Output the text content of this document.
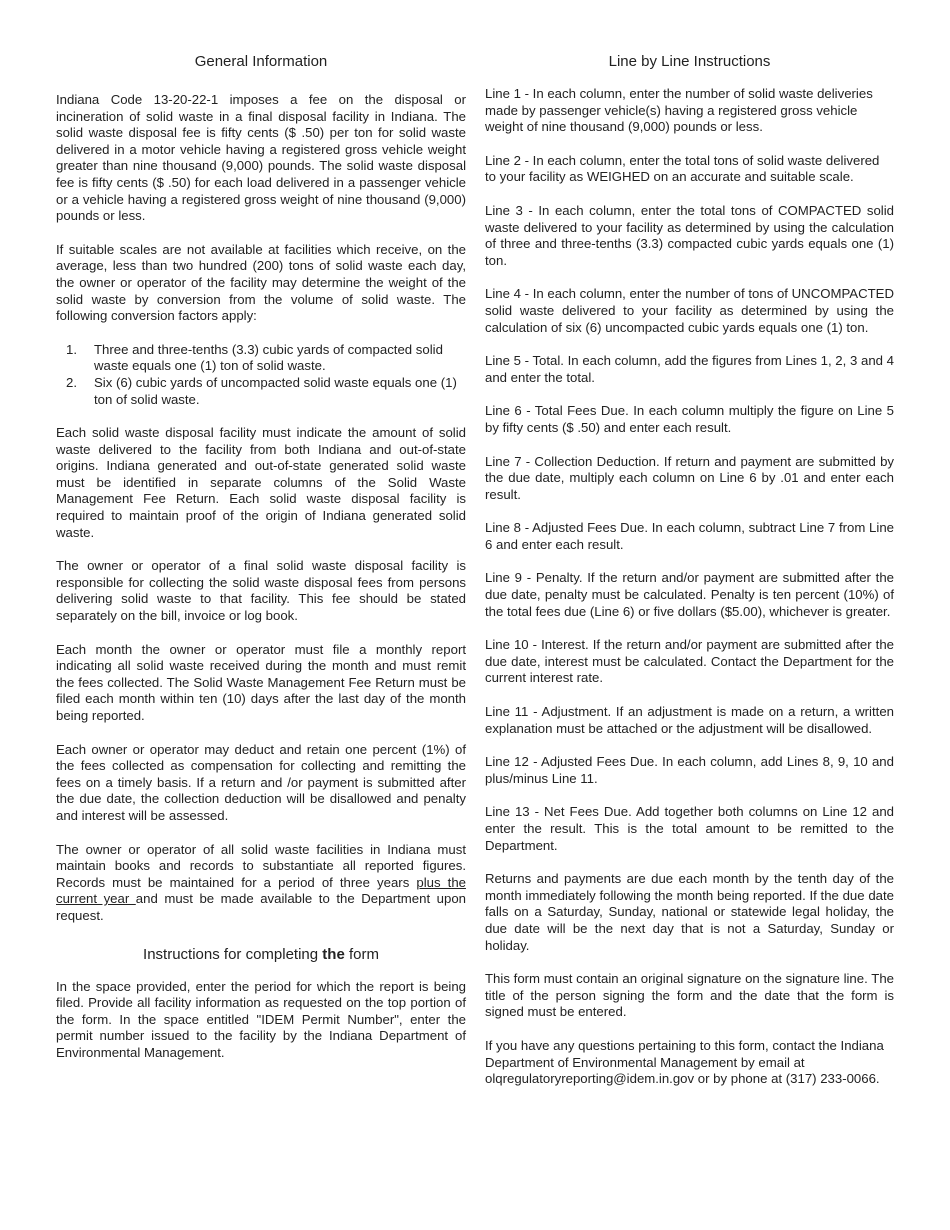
General Information

Indiana Code 13-20-22-1 imposes a fee on the disposal or incineration of solid waste in a final disposal facility in Indiana. The solid waste disposal fee is fifty cents ($ .50) per ton for solid waste delivered in a motor vehicle having a registered gross vehicle weight greater than nine thousand (9,000) pounds. The solid waste disposal fee is fifty cents ($ .50) for each load delivered in a passenger vehicle or a vehicle having a registered gross weight of nine thousand (9,000) pounds or less.

If suitable scales are not available at facilities which receive, on the average, less than two hundred (200) tons of solid waste each day, the owner or operator of the facility may determine the weight of the solid waste by conversion from the volume of solid waste. The following conversion factors apply:

1. Three and three-tenths (3.3) cubic yards of compacted solid waste equals one (1) ton of solid waste.
2. Six (6) cubic yards of uncompacted solid waste equals one (1) ton of solid waste.

Each solid waste disposal facility must indicate the amount of solid waste delivered to the facility from both Indiana and out-of-state origins. Indiana generated and out-of-state generated solid waste must be identified in separate columns of the Solid Waste Management Fee Return. Each solid waste disposal facility is required to maintain proof of the origin of Indiana generated solid waste.

The owner or operator of a final solid waste disposal facility is responsible for collecting the solid waste disposal fees from persons delivering solid waste to that facility. This fee should be stated separately on the bill, invoice or log book.

Each month the owner or operator must file a monthly report indicating all solid waste received during the month and must remit the fees collected. The Solid Waste Management Fee Return must be filed each month within ten (10) days after the last day of the month being reported.

Each owner or operator may deduct and retain one percent (1%) of the fees collected as compensation for collecting and remitting the fees on a timely basis. If a return and /or payment is submitted after the due date, the collection deduction will be disallowed and penalty and interest will be assessed.

The owner or operator of all solid waste facilities in Indiana must maintain books and records to substantiate all reported figures. Records must be maintained for a period of three years plus the current year and must be made available to the Department upon request.

Instructions for completing the form

In the space provided, enter the period for which the report is being filed. Provide all facility information as requested on the top portion of the form. In the space entitled "IDEM Permit Number", enter the permit number issued to the facility by the Indiana Department of Environmental Management.

Line by Line Instructions

Line 1 - In each column, enter the number of solid waste deliveries made by passenger vehicle(s) having a registered gross vehicle weight of nine thousand (9,000) pounds or less.

Line 2 - In each column, enter the total tons of solid waste delivered to your facility as WEIGHED on an accurate and suitable scale.

Line 3 - In each column, enter the total tons of COMPACTED solid waste delivered to your facility as determined by using the calculation of three and three-tenths (3.3) compacted cubic yards equals one (1) ton.

Line 4 - In each column, enter the number of tons of UNCOMPACTED solid waste delivered to your facility as determined by using the calculation of six (6) uncompacted cubic yards equals one (1) ton.

Line 5 - Total. In each column, add the figures from Lines 1, 2, 3 and 4 and enter the total.

Line 6 - Total Fees Due. In each column multiply the figure on Line 5 by fifty cents ($ .50) and enter each result.

Line 7 - Collection Deduction. If return and payment are submitted by the due date, multiply each column on Line 6 by .01 and enter each result.

Line 8 - Adjusted Fees Due. In each column, subtract Line 7 from Line 6 and enter each result.

Line 9 - Penalty. If the return and/or payment are submitted after the due date, penalty must be calculated. Penalty is ten percent (10%) of the total fees due (Line 6) or five dollars ($5.00), whichever is greater.

Line 10 - Interest. If the return and/or payment are submitted after the due date, interest must be calculated. Contact the Department for the current interest rate.

Line 11 - Adjustment. If an adjustment is made on a return, a written explanation must be attached or the adjustment will be disallowed.

Line 12 - Adjusted Fees Due. In each column, add Lines 8, 9, 10 and plus/minus Line 11.

Line 13 - Net Fees Due. Add together both columns on Line 12 and enter the result. This is the total amount to be remitted to the Department.

Returns and payments are due each month by the tenth day of the month immediately following the month being reported. If the due date falls on a Saturday, Sunday, national or statewide legal holiday, the due date will be the next day that is not a Saturday, Sunday or holiday.

This form must contain an original signature on the signature line. The title of the person signing the form and the date that the form is signed must be entered.

If you have any questions pertaining to this form, contact the Indiana Department of Environmental Management by email at olqregulatoryreporting@idem.in.gov or by phone at (317) 233-0066.
